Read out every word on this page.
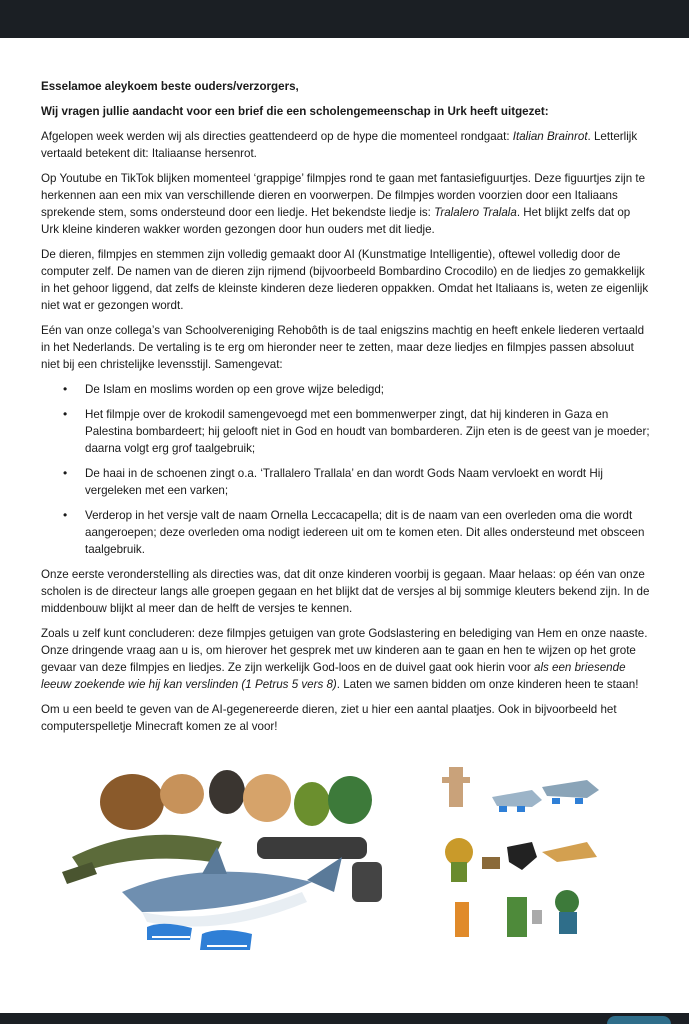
Esselamoe aleykoem beste ouders/verzorgers,

Wij vragen jullie aandacht voor een brief die een scholengemeenschap in Urk heeft uitgezet:

Afgelopen week werden wij als directies geattendeerd op de hype die momenteel rondgaat: Italian Brainrot. Letterlijk vertaald betekent dit: Italiaanse hersenrot.

Op Youtube en TikTok blijken momenteel ‘grappige’ filmpjes rond te gaan met fantasiefiguurtjes. Deze figuurtjes zijn te herkennen aan een mix van verschillende dieren en voorwerpen. De filmpjes worden voorzien door een Italiaans sprekende stem, soms ondersteund door een liedje. Het bekendste liedje is: Tralalero Tralala. Het blijkt zelfs dat op Urk kleine kinderen wakker worden gezongen door hun ouders met dit liedje.

De dieren, filmpjes en stemmen zijn volledig gemaakt door AI (Kunstmatige Intelligentie), oftewel volledig door de computer zelf. De namen van de dieren zijn rijmend (bijvoorbeeld Bombardino Crocodilo) en de liedjes zo gemakkelijk in het gehoor liggend, dat zelfs de kleinste kinderen deze liederen oppakken. Omdat het Italiaans is, weten ze eigenlijk niet wat er gezongen wordt.

Eén van onze collega’s van Schoolvereniging Rehobôth is de taal enigszins machtig en heeft enkele liederen vertaald in het Nederlands. De vertaling is te erg om hieronder neer te zetten, maar deze liedjes en filmpjes passen absoluut niet bij een christelijke levensstijl. Samengevat:

• De Islam en moslims worden op een grove wijze beledigd;
• Het filmpje over de krokodil samengevoegd met een bommenwerper zingt, dat hij kinderen in Gaza en Palestina bombardeert; hij gelooft niet in God en houdt van bombarderen. Zijn eten is de geest van je moeder; daarna volgt erg grof taalgebruik;
• De haai in de schoenen zingt o.a. ‘Trallalero Trallala’ en dan wordt Gods Naam vervloekt en wordt Hij vergeleken met een varken;
• Verderop in het versje valt de naam Ornella Leccacapella; dit is de naam van een overleden oma die wordt aangeroepen; deze overleden oma nodigt iedereen uit om te komen eten. Dit alles ondersteund met obsceen taalgebruik.

Onze eerste veronderstelling als directies was, dat dit onze kinderen voorbij is gegaan. Maar helaas: op één van onze scholen is de directeur langs alle groepen gegaan en het blijkt dat de versjes al bij sommige kleuters bekend zijn. In de middenbouw blijkt al meer dan de helft de versjes te kennen.

Zoals u zelf kunt concluderen: deze filmpjes getuigen van grote Godslastering en belediging van Hem en onze naaste. Onze dringende vraag aan u is, om hierover het gesprek met uw kinderen aan te gaan en hen te wijzen op het grote gevaar van deze filmpjes en liedjes. Ze zijn werkelijk God-loos en de duivel gaat ook hierin voor als een briesende leeuw zoekende wie hij kan verslinden (1 Petrus 5 vers 8). Laten we samen bidden om onze kinderen heen te staan!

Om u een beeld te geven van de AI-gegenereerde dieren, ziet u hier een aantal plaatjes. Ook in bijvoorbeeld het computerspelletje Minecraft komen ze al voor!
